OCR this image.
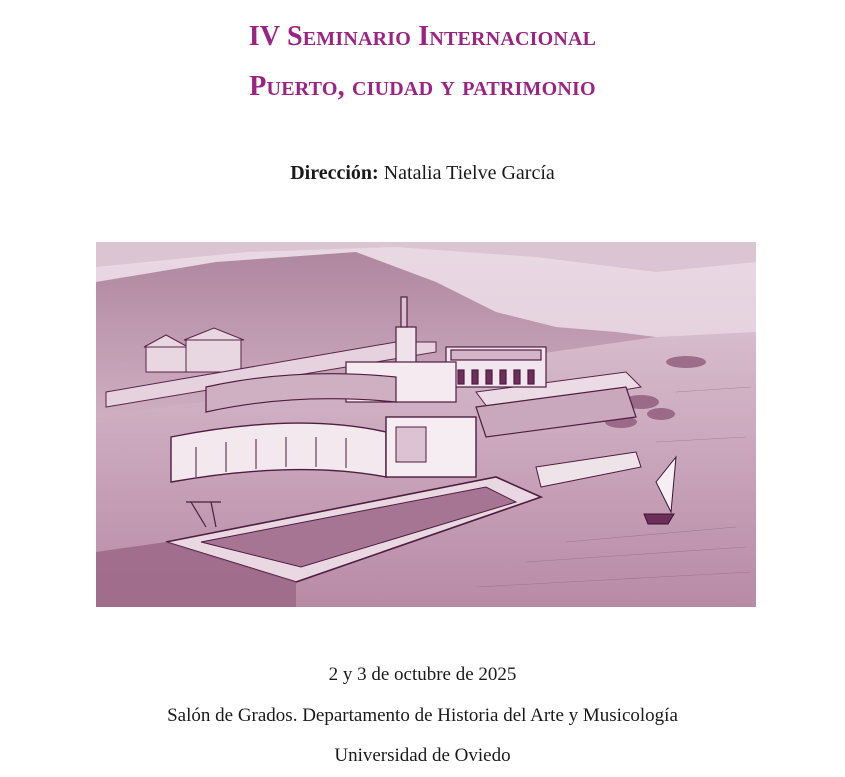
IV Seminario Internacional
Puerto, ciudad y patrimonio
Dirección: Natalia Tielve García
2 y 3 de octubre de 2025
Salón de Grados. Departamento de Historia del Arte y Musicología
Universidad de Oviedo
